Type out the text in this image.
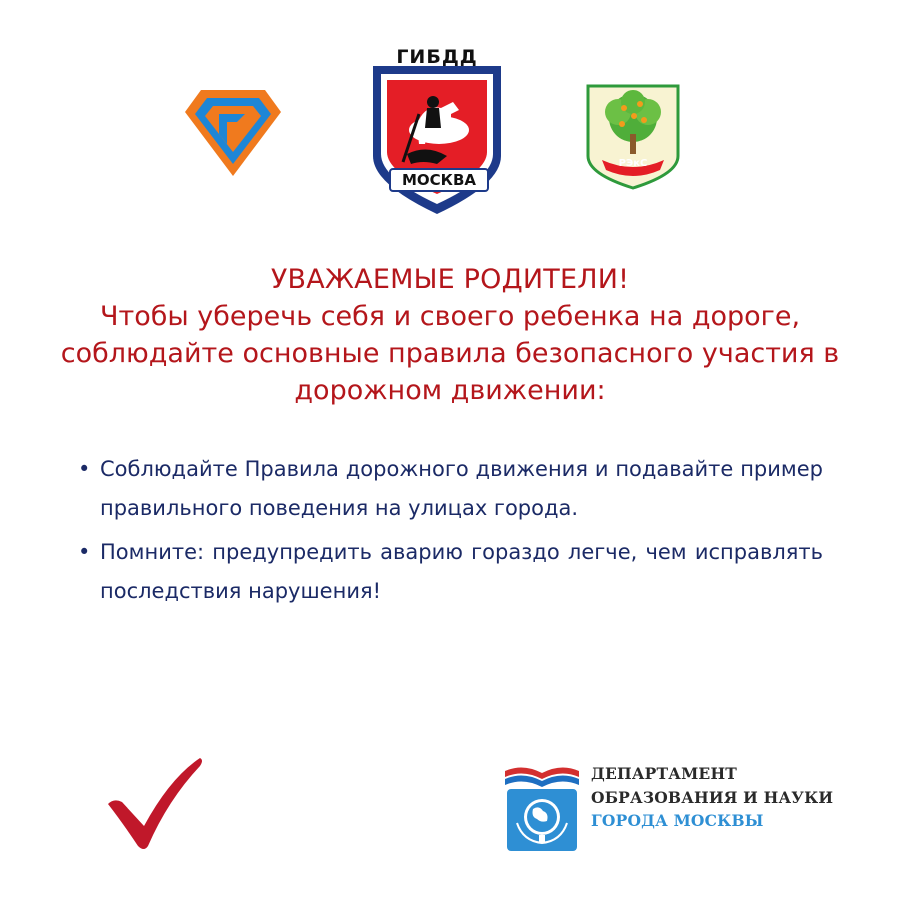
ГИБДД
МОСКВА
РЭкС
УВАЖАЕМЫЕ РОДИТЕЛИ!
Чтобы уберечь себя и своего ребенка на дороге, соблюдайте основные правила безопасного участия в дорожном движении:
• Соблюдайте Правила дорожного движения и подавайте пример правильного поведения на улицах города.
• Помните: предупредить аварию гораздо легче, чем исправлять последствия нарушения!
ДЕПАРТАМЕНТ
ОБРАЗОВАНИЯ И НАУКИ
ГОРОДА МОСКВЫ
